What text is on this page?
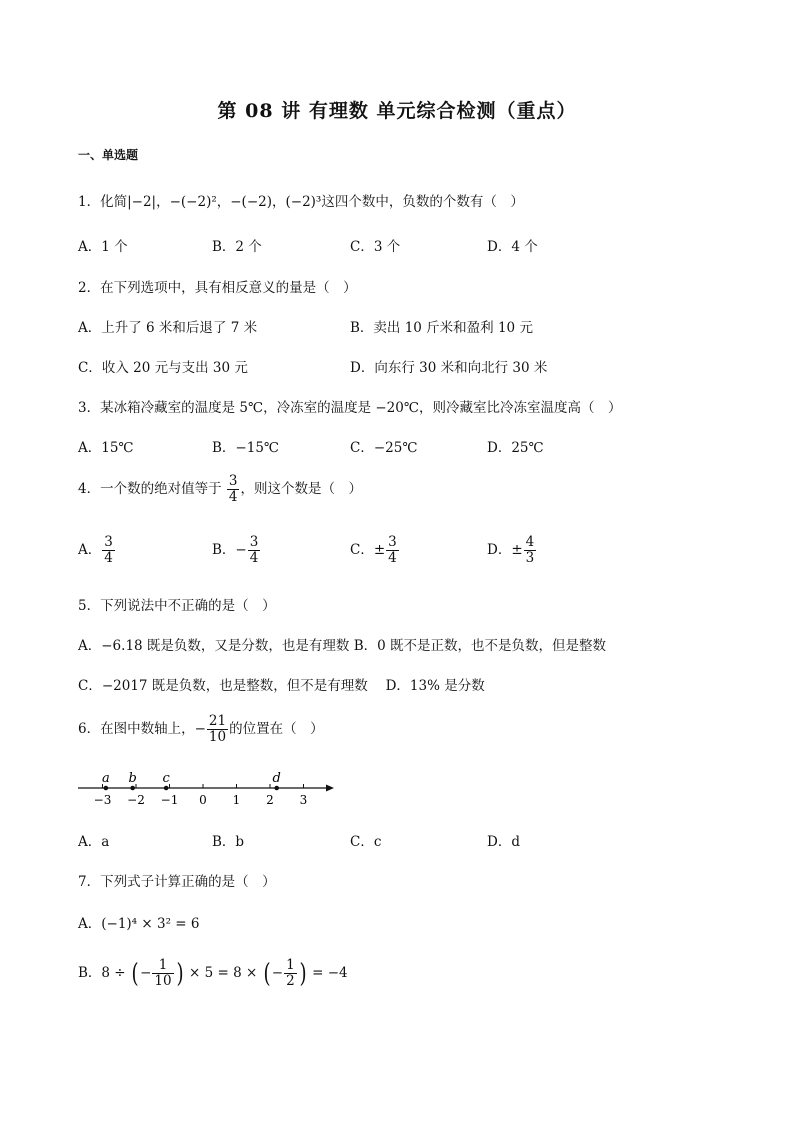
第 08 讲 有理数 单元综合检测（重点）
一、单选题
1．化简|−2|，−(−2)²，−(−2)，(−2)³这四个数中，负数的个数有（　）
A．1 个	B．2 个	C．3 个	D．4 个
2．在下列选项中，具有相反意义的量是（　）
A．上升了 6 米和后退了 7 米	B．卖出 10 斤米和盈利 10 元
C．收入 20 元与支出 30 元	D．向东行 30 米和向北行 30 米
3．某冰箱冷藏室的温度是 5℃，冷冻室的温度是 −20℃，则冷藏室比冷冻室温度高（　）
A．15℃	B．−15℃	C．−25℃	D．25℃
4．一个数的绝对值等于 $\frac{3}{4}$ ，则这个数是（　）
A． $\frac{3}{4}$	B．− $\frac{3}{4}$	C．± $\frac{3}{4}$	D．± $\frac{4}{3}$
5．下列说法中不正确的是（　）
A．−6.18 既是负数，又是分数，也是有理数 B．0 既不是正数，也不是负数，但是整数
C．−2017 既是负数，也是整数，但不是有理数　 D．13% 是分数
6．在图中数轴上，− $\frac{21}{10}$ 的位置在（　）
−3 −2 −1 0 1 2 3
a b c	d
A．a	B．b	C．c	D．d
7．下列式子计算正确的是（　）
A．(−1)⁴ × 3² = 6
B．8 ÷ ( − $\frac{1}{10}$ ) × 5 = 8 × ( − $\frac{1}{2}$ ) = −4
